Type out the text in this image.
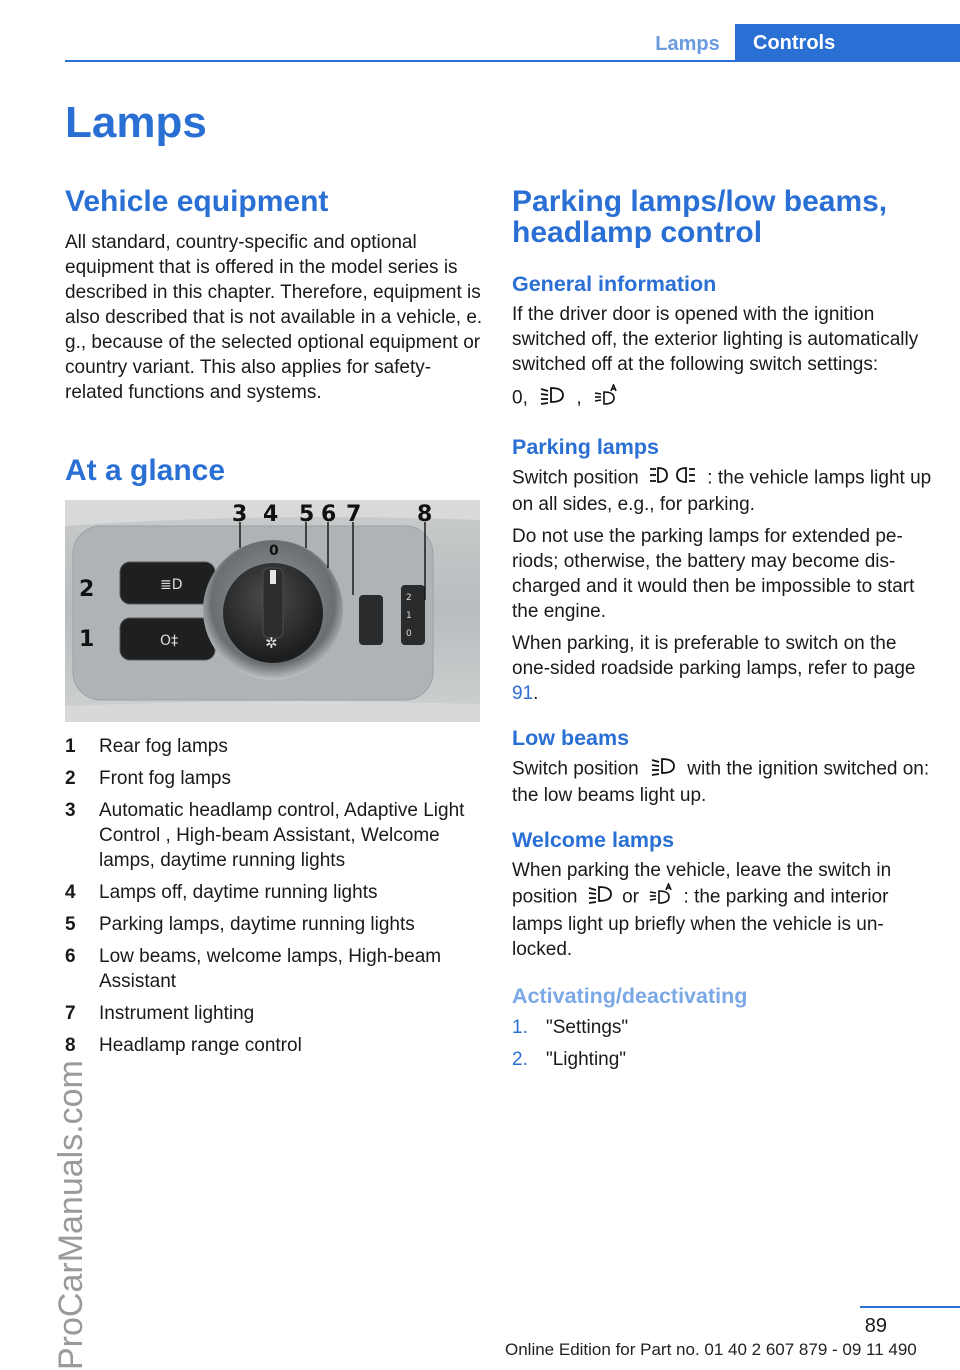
Lamps	Controls
ProCarManuals.com
Lamps
Vehicle equipment

All standard, country-specific and optional equipment that is offered in the model series is described in this chapter. Therefore, equipment is also described that is not available in a vehicle, e. g., because of the selected optional equipment or country variant. This also applies for safety-related functions and systems.

At a glance
≣D
O‡	✲
0
2
1
0
3 4 5 6 7	8
2
1
1	Rear fog lamps
2	Front fog lamps
3	Automatic headlamp control, Adaptive Light Control , High-beam Assistant, Welcome lamps, daytime running lights
4	Lamps off, daytime running lights
5	Parking lamps, daytime running lights
6	Low beams, welcome lamps, High-beam Assistant
7	Instrument lighting
8	Headlamp range control
Parking lamps/low beams, headlamp control
General information

If the driver door is opened with the ignition switched off, the exterior lighting is automatically switched off at the following switch settings:

0,	,

Parking lamps

Switch position	: the vehicle lamps light up on all sides, e.g., for parking.

Do not use the parking lamps for extended periods; otherwise, the battery may become discharged and it would then be impossible to start the engine.

When parking, it is preferable to switch on the one-sided roadside parking lamps, refer to page 91.

Low beams

Switch position	with the ignition switched on: the low beams light up.

Welcome lamps

When parking the vehicle, leave the switch in position or : the parking and interior lamps light up briefly when the vehicle is unlocked.

Activating/deactivating
1. "Settings"
2. "Lighting"
89
Online Edition for Part no. 01 40 2 607 879 - 09 11 490
